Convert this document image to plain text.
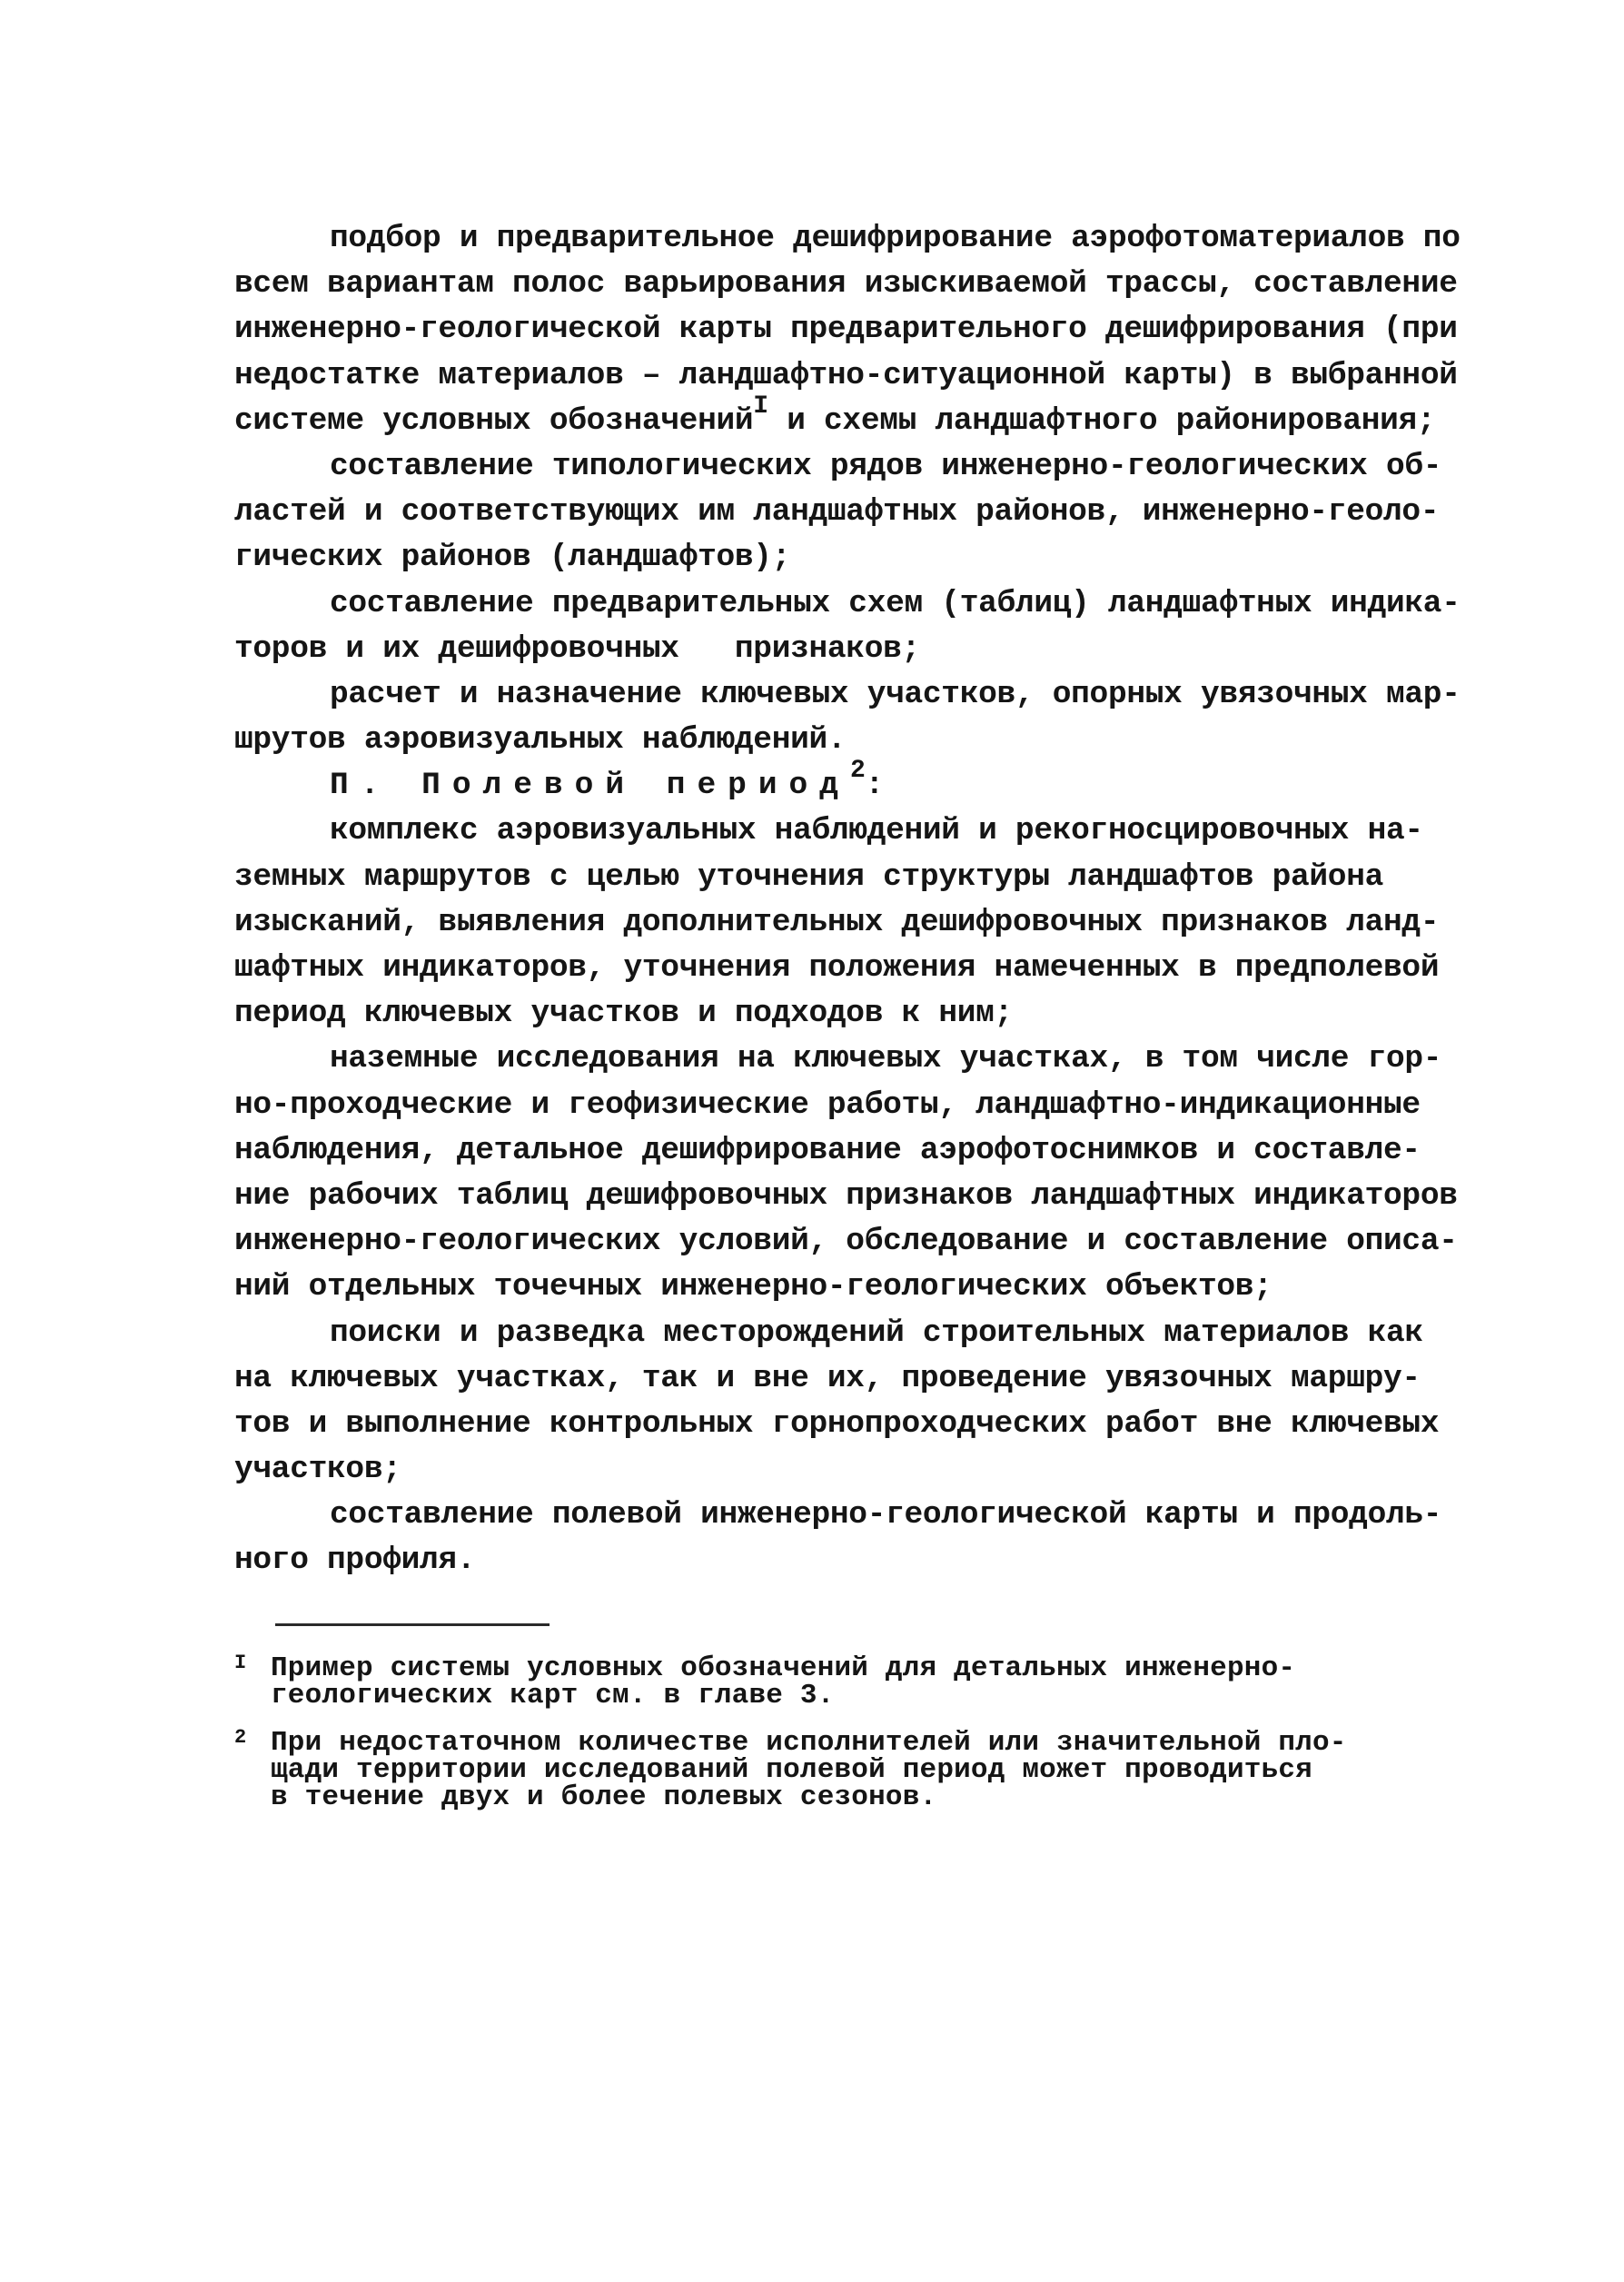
подбор и предварительное дешифрирование аэрофотоматериалов по
всем вариантам полос варьирования изыскиваемой трассы, составление
инженерно-геологической карты предварительного дешифрирования (при
недостатке материалов – ландшафтно-ситуационной карты) в выбранной
системе условных обозначений$^I$ и схемы ландшафтного районирования;
составление типологических рядов инженерно-геологических об-
ластей и соответствующих им ландшафтных районов, инженерно-геоло-
гических районов (ландшафтов);
составление предварительных схем (таблиц) ландшафтных индика-
торов и их дешифровочных   признаков;
расчет и назначение ключевых участков, опорных увязочных мар-
шрутов аэровизуальных наблюдений.
П. Полевой период$^2$:
комплекс аэровизуальных наблюдений и рекогносцировочных на-
земных маршрутов с целью уточнения структуры ландшафтов района
изысканий, выявления дополнительных дешифровочных признаков ланд-
шафтных индикаторов, уточнения положения намеченных в предполевой
период ключевых участков и подходов к ним;
наземные исследования на ключевых участках, в том числе гор-
но-проходческие и геофизические работы, ландшафтно-индикационные
наблюдения, детальное дешифрирование аэрофотоснимков и составле-
ние рабочих таблиц дешифровочных признаков ландшафтных индикаторов
инженерно-геологических условий, обследование и составление описа-
ний отдельных точечных инженерно-геологических объектов;
поиски и разведка месторождений строительных материалов как
на ключевых участках, так и вне их, проведение увязочных маршру-
тов и выполнение контрольных горнопроходческих работ вне ключевых
участков;
составление полевой инженерно-геологической карты и продоль-
ного профиля.
I Пример системы условных обозначений для детальных инженерно-
геологических карт см. в главе 3.
2 При недостаточном количестве исполнителей или значительной пло-
щади территории исследований полевой период может проводиться
в течение двух и более полевых сезонов.
